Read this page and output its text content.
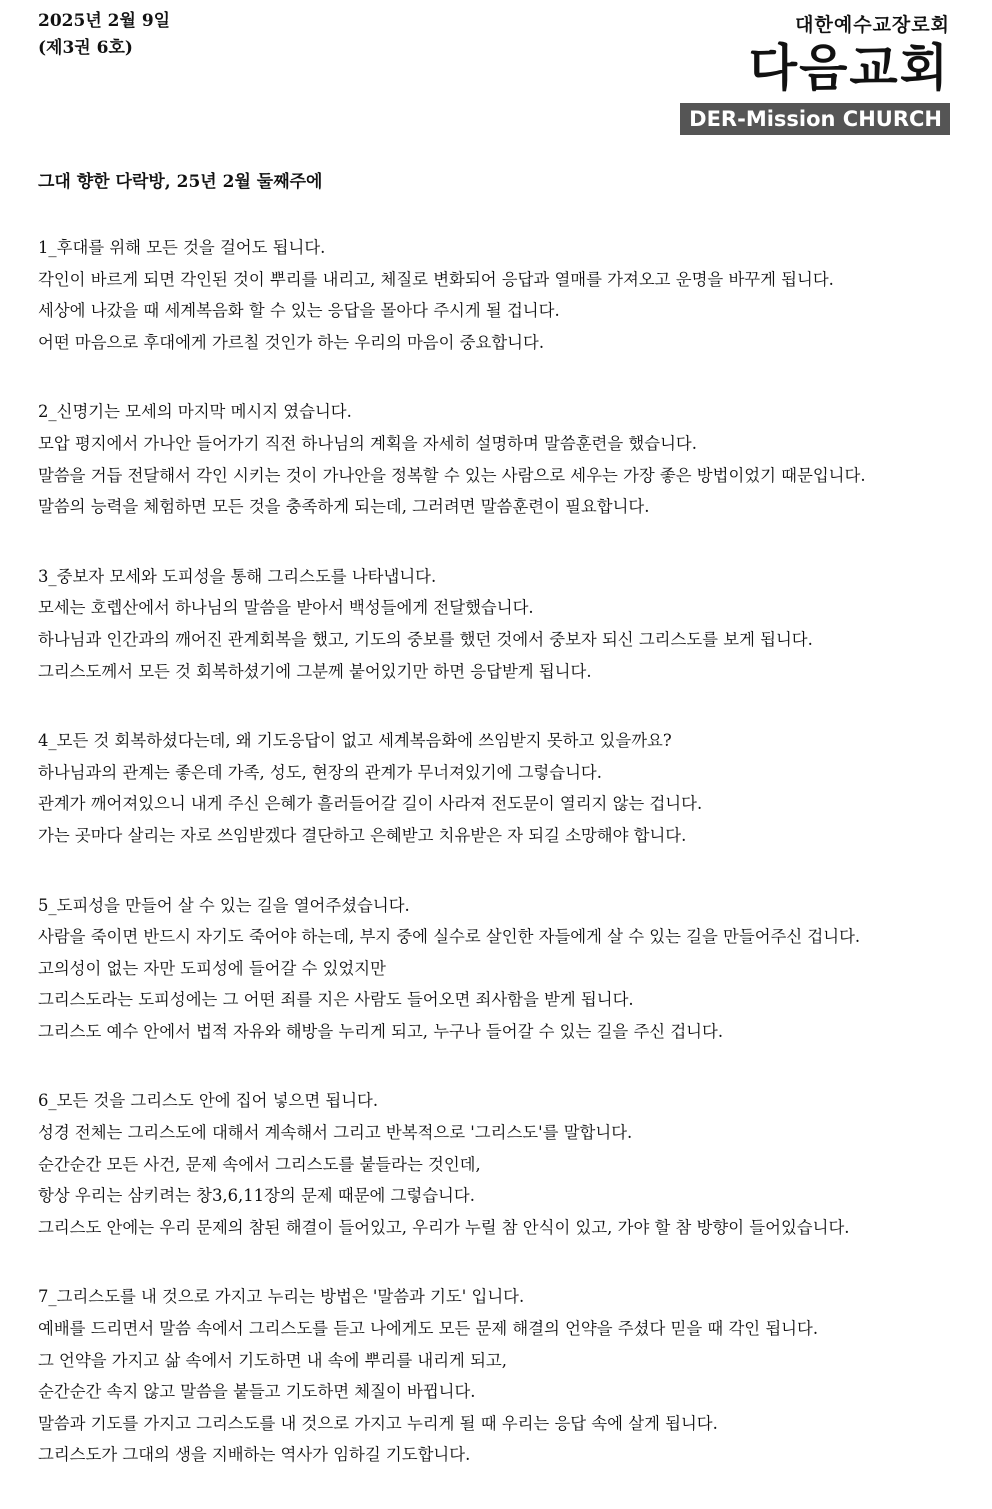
2025년 2월 9일
(제3권 6호)
대한예수교장로회
다음교회
DER-Mission CHURCH
그대 향한 다락방, 25년 2월 둘째주에
1_후대를 위해 모든 것을 걸어도 됩니다.
각인이 바르게 되면 각인된 것이 뿌리를 내리고, 체질로 변화되어 응답과 열매를 가져오고 운명을 바꾸게 됩니다.
세상에 나갔을 때 세계복음화 할 수 있는 응답을 몰아다 주시게 될 겁니다.
어떤 마음으로 후대에게 가르칠 것인가 하는 우리의 마음이 중요합니다.
2_신명기는 모세의 마지막 메시지 였습니다.
모압 평지에서 가나안 들어가기 직전 하나님의 계획을 자세히 설명하며 말씀훈련을 했습니다.
말씀을 거듭 전달해서 각인 시키는 것이 가나안을 정복할 수 있는 사람으로 세우는 가장 좋은 방법이었기 때문입니다.
말씀의 능력을 체험하면 모든 것을 충족하게 되는데, 그러려면 말씀훈련이 필요합니다.
3_중보자 모세와 도피성을 통해 그리스도를 나타냅니다.
모세는 호렙산에서 하나님의 말씀을 받아서 백성들에게 전달했습니다.
하나님과 인간과의 깨어진 관계회복을 했고, 기도의 중보를 했던 것에서 중보자 되신 그리스도를 보게 됩니다.
그리스도께서 모든 것 회복하셨기에 그분께 붙어있기만 하면 응답받게 됩니다.
4_모든 것 회복하셨다는데, 왜 기도응답이 없고 세계복음화에 쓰임받지 못하고 있을까요?
하나님과의 관계는 좋은데 가족, 성도, 현장의 관계가 무너져있기에 그렇습니다.
관계가 깨어져있으니 내게 주신 은혜가 흘러들어갈 길이 사라져 전도문이 열리지 않는 겁니다.
가는 곳마다 살리는 자로 쓰임받겠다 결단하고 은혜받고 치유받은 자 되길 소망해야 합니다.
5_도피성을 만들어 살 수 있는 길을 열어주셨습니다.
사람을 죽이면 반드시 자기도 죽어야 하는데, 부지 중에 실수로 살인한 자들에게 살 수 있는 길을 만들어주신 겁니다.
고의성이 없는 자만 도피성에 들어갈 수 있었지만
그리스도라는 도피성에는 그 어떤 죄를 지은 사람도 들어오면 죄사함을 받게 됩니다.
그리스도 예수 안에서 법적 자유와 해방을 누리게 되고, 누구나 들어갈 수 있는 길을 주신 겁니다.
6_모든 것을 그리스도 안에 집어 넣으면 됩니다.
성경 전체는 그리스도에 대해서 계속해서 그리고 반복적으로 '그리스도'를 말합니다.
순간순간 모든 사건, 문제 속에서 그리스도를 붙들라는 것인데,
항상 우리는 삼키려는 창3,6,11장의 문제 때문에 그렇습니다.
그리스도 안에는 우리 문제의 참된 해결이 들어있고, 우리가 누릴 참 안식이 있고, 가야 할 참 방향이 들어있습니다.
7_그리스도를 내 것으로 가지고 누리는 방법은 '말씀과 기도' 입니다.
예배를 드리면서 말씀 속에서 그리스도를 듣고 나에게도 모든 문제 해결의 언약을 주셨다 믿을 때 각인 됩니다.
그 언약을 가지고 삶 속에서 기도하면 내 속에 뿌리를 내리게 되고,
순간순간 속지 않고 말씀을 붙들고 기도하면 체질이 바뀝니다.
말씀과 기도를 가지고 그리스도를 내 것으로 가지고 누리게 될 때 우리는 응답 속에 살게 됩니다.
그리스도가 그대의 생을 지배하는 역사가 임하길 기도합니다.
